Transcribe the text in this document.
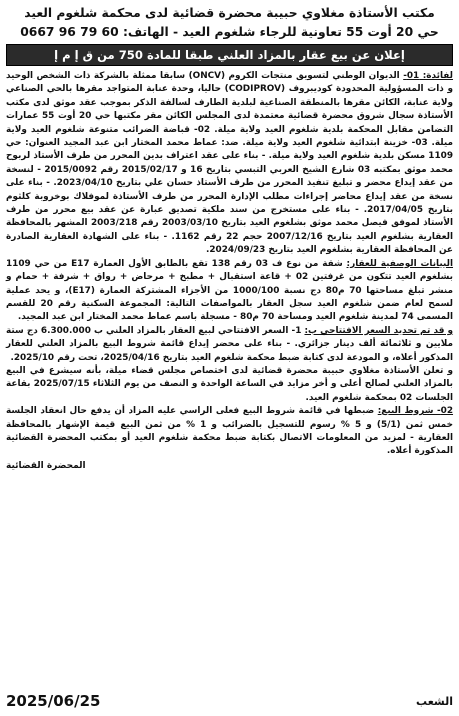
مكتب الأستاذة مغلاوي حبيبة محضرة قضائية لدى محكمة شلغوم العيد
حي 20 أوت 55 تعاونية للرجاء شلغوم العيد - الهاتف: 60 79 96 0667
إعلان عن بيع عقار بالمزاد العلني طبقا للمادة 750 من ق إ م إ

لفائدة: 01- الديوان الوطني لتسويق منتجات الكروم (ONCV) سابقا ممثلة بالشركة ذات الشخص الوحيد و ذات المسؤولية المحدودة كوديبروف (CODIPROV) حاليا، وحدة عنابة المتواجد مقرها بالحي الصناعي ولاية عنابة، الكائن مقرها بالمنطقة الصناعية لبلدية الطارف لسالفة الذكر بموجب عقد موثق لدى مكتب الأستاذة سجال شروق محضرة قضائية معتمدة لدى المجلس الكائن مقر مكتبها حي 20 أوت 55 عمارات التضامن مقابل المحكمة بلدية شلغوم العيد ولاية ميلة. 02- قباضة الضرائب متنوعة شلغوم العيد ولاية ميلة. 03- خزينة ابتدائية شلغوم العيد ولاية ميلة. ضد: عماط محمد المختار ابن عبد المجيد العنوان: حي 1109 مسكن بلدية شلغوم العيد ولاية ميلة. - بناء على عقد اعتراف بدين المحرر من طرف الأستاذ لربوح محمد موثق بمكتبه 03 شارع الشيخ العربي التبسي بتاريخ 16 و 2015/02/17 رقم 2015/0092 - لنسخة من عقد إيداع محضر و تبليغ تنفيذ المحرر من طرف الأستاذ حسان علي بتاريخ 2023/04/10. - بناء على نسخة من عقد إيداع محاضر إجراءات مطلب الإدارة المحرر من طرف الأستاذة لموفلاك بوخروبة كلثوم بتاريخ 2017/04/05. - بناء على مستخرج من سند ملكية تصديق عبارة عن عقد بيع محرر من طرف الأستاذ لموفق فيصل محمد موثق بشلغوم العيد بتاريخ 2003/03/10 رقم 2003/218 المشهر بالمحافظة العقارية بشلغوم العيد بتاريخ 2007/12/16 حجم 22 رقم 1162. - بناء على الشهادة العقارية الصادرة عن المحافظة العقارية بشلغوم العيد بتاريخ 2024/09/23.

البيانات الوصفية للعقار: شقة من نوع ف 03 رقم 138 تقع بالطابق الأول العمارة E17 من حي 1109 بشلغوم العيد تتكون من غرفتين 02 + قاعة استقبال + مطبخ + مرحاض + رواق + شرفة + حمام و منشر تبلغ مساحتها 70 م80 دج نسبة 1000/100 من الأجزاء المشتركة العمارة (E17)، و يحد عملية لسمح لعام ضمن شلغوم العيد سجل العقار بالمواصفات التالية: المجموعة السكنية رقم 20 للقسم المسمى 74 لمدينة شلغوم العيد ومساحة 70 م80 - مسجلة باسم عماط محمد المختار ابن عبد المجيد.

و قد تم تحديد السعر الافتتاحي ب: 1- السعر الافتتاحي لبيع العقار بالمزاد العلني ب 6.300.000 دج ستة ملايين و ثلاثمائة ألف دينار جزائري. - بناء على محضر إيداع قائمة شروط البيع بالمزاد العلني للعقار المذكور أعلاه، و المودعة لدى كتابة ضبط محكمة شلغوم العيد بتاريخ 2025/04/16، تحت رقم 2025/10.

و تعلن الأستاذة مغلاوي حبيبة محضرة قضائية لدى اختصاص مجلس قضاء ميلة، بأنه سيشرع في البيع بالمزاد العلني لصالح أعلى و أخر مزايد في الساعة الواحدة و النصف من يوم الثلاثاء 2025/07/15 بقاعة الجلسات 02 بمحكمة شلغوم العيد.

02- شروط البيع: ضبطها في قائمة شروط البيع فعلى الراسي عليه المزاد أن يدفع حال انعقاد الجلسة خمس ثمن (5/1) و 5 % رسوم للتسجيل بالضرائب و 1 % من ثمن البيع قيمة الإشهار بالمحافظة العقارية - لمزيد من المعلومات الاتصال بكتابة ضبط محكمة شلغوم العيد أو بمكتب المحضرة القضائية المذكورة أعلاه.

المحضرة القضائية
الشعب
2025/06/25
